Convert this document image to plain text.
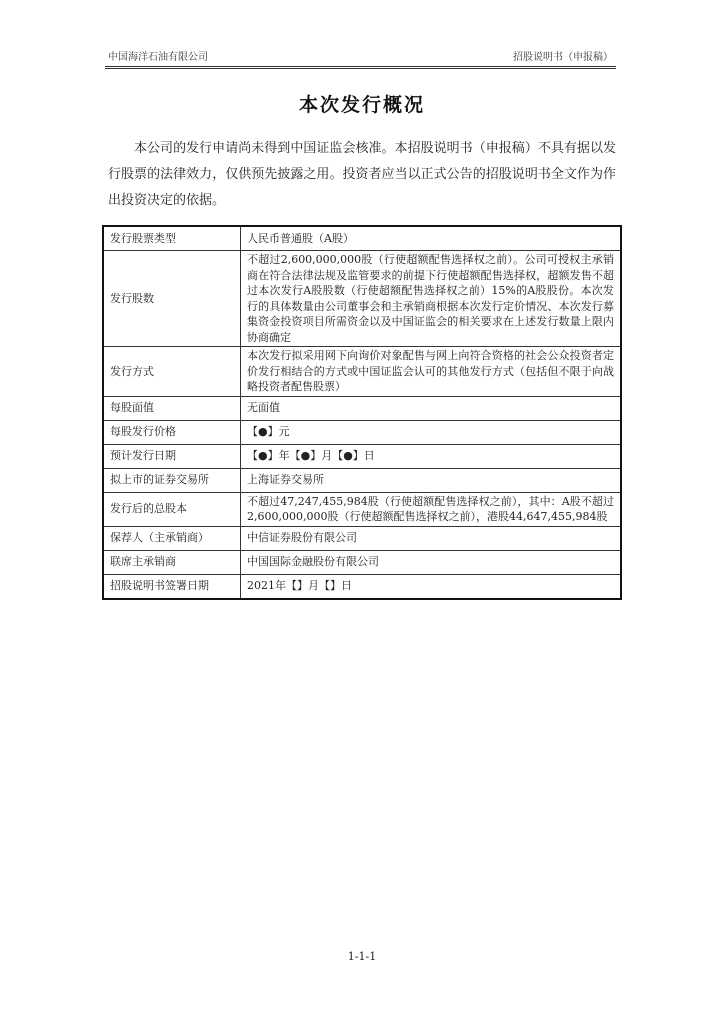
中国海洋石油有限公司	招股说明书（申报稿）
本次发行概况
本公司的发行申请尚未得到中国证监会核准。本招股说明书（申报稿）不具有据以发行股票的法律效力，仅供预先披露之用。投资者应当以正式公告的招股说明书全文作为作出投资决定的依据。
发行股票类型	人民币普通股（A股）
发行股数	不超过2,600,000,000股（行使超额配售选择权之前）。公司可授权主承销商在符合法律法规及监管要求的前提下行使超额配售选择权，超额发售不超过本次发行A股股数（行使超额配售选择权之前）15%的A股股份。本次发行的具体数量由公司董事会和主承销商根据本次发行定价情况、本次发行募集资金投资项目所需资金以及中国证监会的相关要求在上述发行数量上限内协商确定
发行方式	本次发行拟采用网下向询价对象配售与网上向符合资格的社会公众投资者定价发行相结合的方式或中国证监会认可的其他发行方式（包括但不限于向战略投资者配售股票）
每股面值	无面值
每股发行价格	【●】元
预计发行日期	【●】年【●】月【●】日
拟上市的证券交易所	上海证券交易所
发行后的总股本	不超过47,247,455,984股（行使超额配售选择权之前），其中：A股不超过2,600,000,000股（行使超额配售选择权之前），港股44,647,455,984股
保荐人（主承销商）	中信证券股份有限公司
联席主承销商	中国国际金融股份有限公司
招股说明书签署日期	2021年【】月【】日
1-1-1
